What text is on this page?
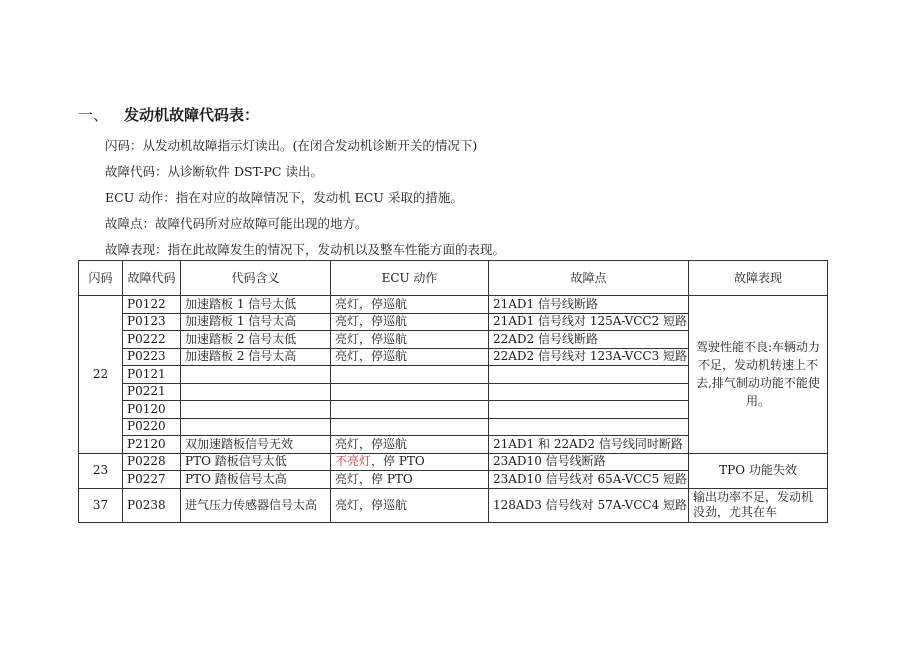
一、 发动机故障代码表：
闪码：从发动机故障指示灯读出。(在闭合发动机诊断开关的情况下)
故障代码：从诊断软件 DST-PC 读出。
ECU 动作：指在对应的故障情况下，发动机 ECU 采取的措施。
故障点：故障代码所对应故障可能出现的地方。
故障表现：指在此故障发生的情况下，发动机以及整车性能方面的表现。
闪码	故障代码	代码含义	ECU 动作	故障点	故障表现
22	P0122	加速踏板 1 信号太低	亮灯，停巡航	21AD1 信号线断路	驾驶性能不良:车辆动力不足，发动机转速上不去,排气制动功能不能使用。
	P0123	加速踏板 1 信号太高	亮灯，停巡航	21AD1 信号线对 125A-VCC2 短路	
	P0222	加速踏板 2 信号太低	亮灯，停巡航	22AD2 信号线断路	
	P0223	加速踏板 2 信号太高	亮灯，停巡航	22AD2 信号线对 123A-VCC3 短路	
	P0121				
	P0221				
	P0120				
	P0220				
	P2120	双加速踏板信号无效	亮灯，停巡航	21AD1 和 22AD2 信号线同时断路	
23	P0228	PTO 踏板信号太低	不亮灯，停 PTO	23AD10 信号线断路	TPO 功能失效
	P0227	PTO 踏板信号太高	亮灯，停 PTO	23AD10 信号线对 65A-VCC5 短路	
37	P0238	进气压力传感器信号太高	亮灯，停巡航	128AD3 信号线对 57A-VCC4 短路	输出功率不足，发动机没劲，尤其在车
